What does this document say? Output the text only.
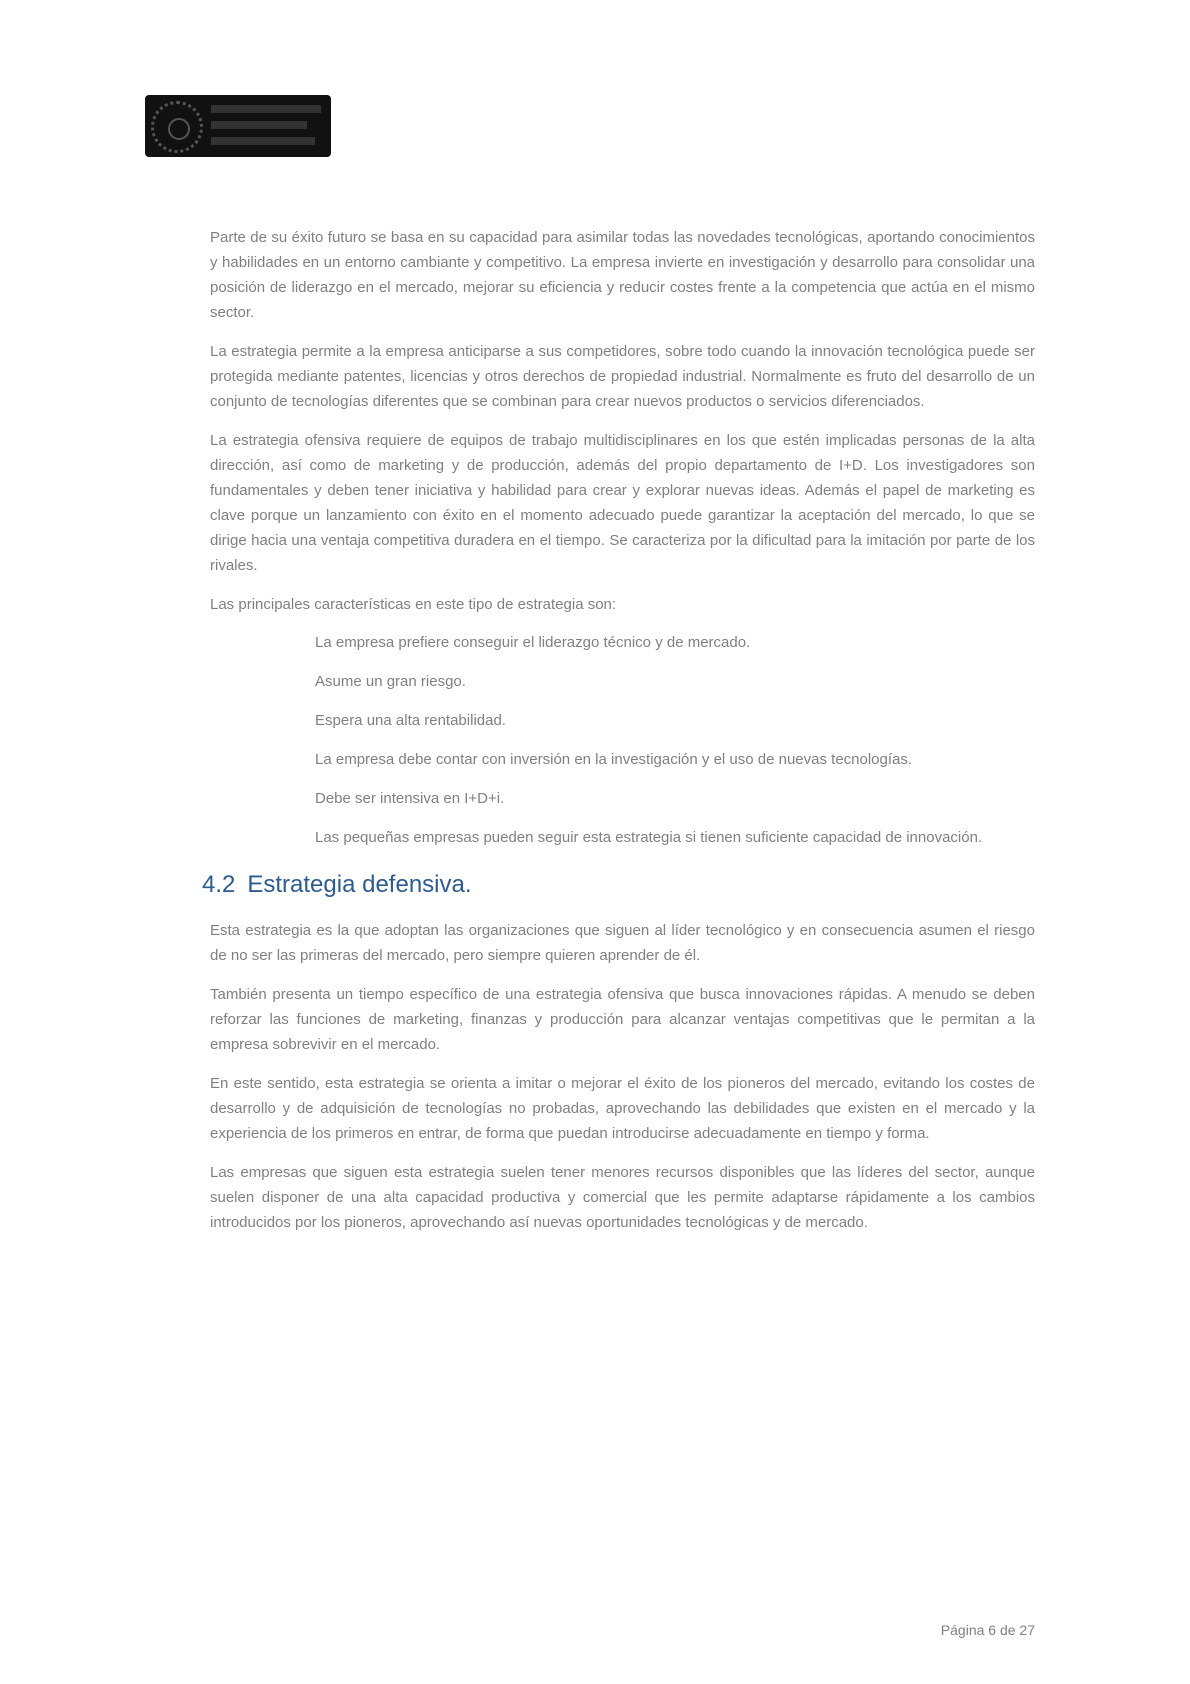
Parte de su éxito futuro se basa en su capacidad para asimilar todas las novedades tecnológicas, aportando conocimientos y habilidades en un entorno cambiante y competitivo. La empresa invierte en investigación y desarrollo para consolidar una posición de liderazgo en el mercado, mejorar su eficiencia y reducir costes frente a la competencia que actúa en el mismo sector.

La estrategia permite a la empresa anticiparse a sus competidores, sobre todo cuando la innovación tecnológica puede ser protegida mediante patentes, licencias y otros derechos de propiedad industrial. Normalmente es fruto del desarrollo de un conjunto de tecnologías diferentes que se combinan para crear nuevos productos o servicios diferenciados.

La estrategia ofensiva requiere de equipos de trabajo multidisciplinares en los que estén implicadas personas de la alta dirección, así como de marketing y de producción, además del propio departamento de I+D. Los investigadores son fundamentales y deben tener iniciativa y habilidad para crear y explorar nuevas ideas. Además el papel de marketing es clave porque un lanzamiento con éxito en el momento adecuado puede garantizar la aceptación del mercado, lo que se dirige hacia una ventaja competitiva duradera en el tiempo. Se caracteriza por la dificultad para la imitación por parte de los rivales.

Las principales características en este tipo de estrategia son:

La empresa prefiere conseguir el liderazgo técnico y de mercado.
Asume un gran riesgo.
Espera una alta rentabilidad.
La empresa debe contar con inversión en la investigación y el uso de nuevas tecnologías.
Debe ser intensiva en I+D+i.
Las pequeñas empresas pueden seguir esta estrategia si tienen suficiente capacidad de innovación.
4.2 Estrategia defensiva.

Esta estrategia es la que adoptan las organizaciones que siguen al líder tecnológico y en consecuencia asumen el riesgo de no ser las primeras del mercado, pero siempre quieren aprender de él.

También presenta un tiempo específico de una estrategia ofensiva que busca innovaciones rápidas. A menudo se deben reforzar las funciones de marketing, finanzas y producción para alcanzar ventajas competitivas que le permitan a la empresa sobrevivir en el mercado.

En este sentido, esta estrategia se orienta a imitar o mejorar el éxito de los pioneros del mercado, evitando los costes de desarrollo y de adquisición de tecnologías no probadas, aprovechando las debilidades que existen en el mercado y la experiencia de los primeros en entrar, de forma que puedan introducirse adecuadamente en tiempo y forma.

Las empresas que siguen esta estrategia suelen tener menores recursos disponibles que las líderes del sector, aunque suelen disponer de una alta capacidad productiva y comercial que les permite adaptarse rápidamente a los cambios introducidos por los pioneros, aprovechando así nuevas oportunidades tecnológicas y de mercado.

Página 6 de 27
